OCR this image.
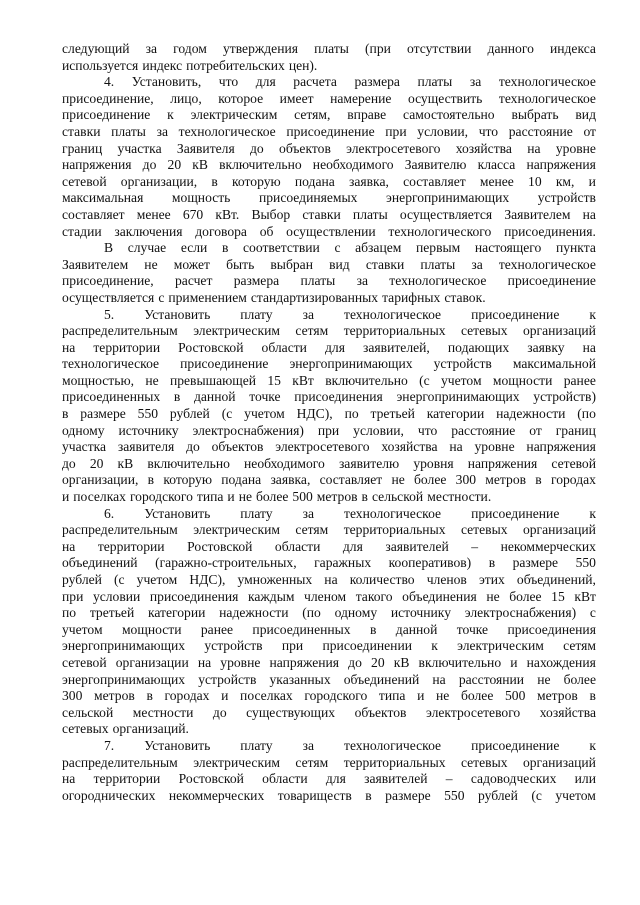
следующий за годом утверждения платы (при отсутствии данного индекса
используется индекс потребительских цен).
4. Установить, что для расчета размера платы за технологическое
присоединение, лицо, которое имеет намерение осуществить технологическое
присоединение к электрическим сетям, вправе самостоятельно выбрать вид
ставки платы за технологическое присоединение при условии, что расстояние от
границ участка Заявителя до объектов электросетевого хозяйства на уровне
напряжения до 20 кВ включительно необходимого Заявителю класса напряжения
сетевой организации, в которую подана заявка, составляет менее 10 км, и
максимальная мощность присоединяемых энергопринимающих устройств
составляет менее 670 кВт. Выбор ставки платы осуществляется Заявителем на
стадии заключения договора об осуществлении технологического присоединения.
В случае если в соответствии с абзацем первым настоящего пункта
Заявителем не может быть выбран вид ставки платы за технологическое
присоединение, расчет размера платы за технологическое присоединение
осуществляется с применением стандартизированных тарифных ставок.
5. Установить плату за технологическое присоединение к
распределительным электрическим сетям территориальных сетевых организаций
на территории Ростовской области для заявителей, подающих заявку на
технологическое присоединение энергопринимающих устройств максимальной
мощностью, не превышающей 15 кВт включительно (с учетом мощности ранее
присоединенных в данной точке присоединения энергопринимающих устройств)
в размере 550 рублей (с учетом НДС), по третьей категории надежности (по
одному источнику электроснабжения) при условии, что расстояние от границ
участка заявителя до объектов электросетевого хозяйства на уровне напряжения
до 20 кВ включительно необходимого заявителю уровня напряжения сетевой
организации, в которую подана заявка, составляет не более 300 метров в городах
и поселках городского типа и не более 500 метров в сельской местности.
6. Установить плату за технологическое присоединение к
распределительным электрическим сетям территориальных сетевых организаций
на территории Ростовской области для заявителей – некоммерческих
объединений (гаражно-строительных, гаражных кооперативов) в размере 550
рублей (с учетом НДС), умноженных на количество членов этих объединений,
при условии присоединения каждым членом такого объединения не более 15 кВт
по третьей категории надежности (по одному источнику электроснабжения) с
учетом мощности ранее присоединенных в данной точке присоединения
энергопринимающих устройств при присоединении к электрическим сетям
сетевой организации на уровне напряжения до 20 кВ включительно и нахождения
энергопринимающих устройств указанных объединений на расстоянии не более
300 метров в городах и поселках городского типа и не более 500 метров в
сельской местности до существующих объектов электросетевого хозяйства
сетевых организаций.
7. Установить плату за технологическое присоединение к
распределительным электрическим сетям территориальных сетевых организаций
на территории Ростовской области для заявителей – садоводческих или
огороднических некоммерческих товариществ в размере 550 рублей (с учетом
